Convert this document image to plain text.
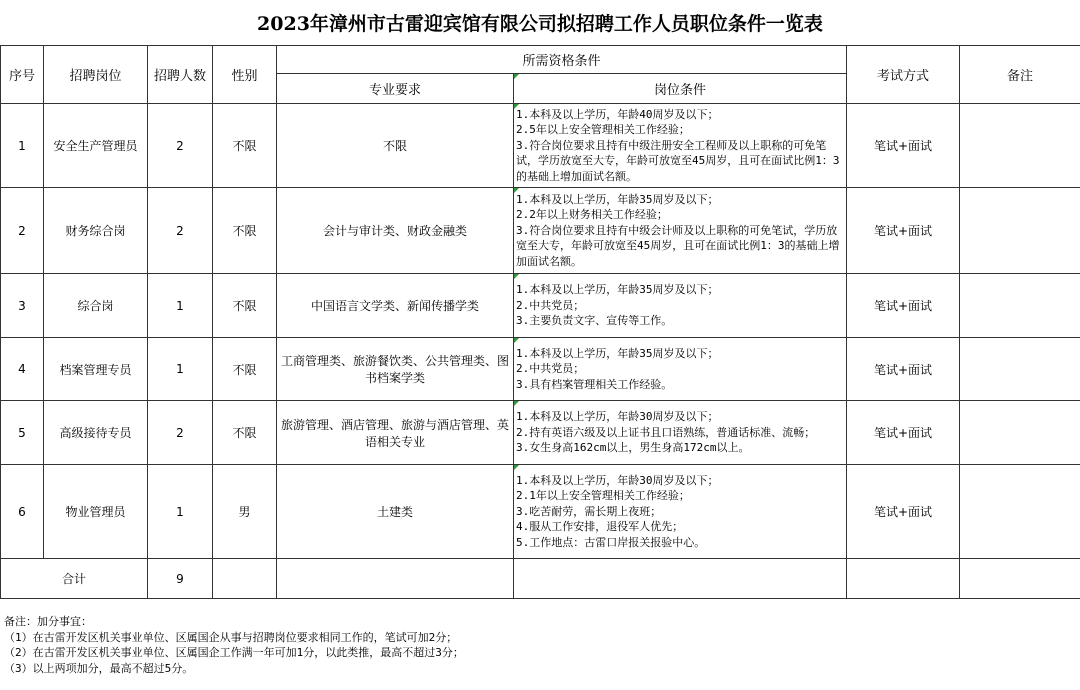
2023年漳州市古雷迎宾馆有限公司拟招聘工作人员职位条件一览表
序号	招聘岗位	招聘人数	性别	所需资格条件		考试方式	备注
				专业要求	岗位条件		
1	安全生产管理员	2	不限	不限	1.本科及以上学历，年龄40周岁及以下；
2.5年以上安全管理相关工作经验；
3.符合岗位要求且持有中级注册安全工程师及以上职称的可免笔试，学历放宽至大专，年龄可放宽至45周岁，且可在面试比例1：3的基础上增加面试名额。	笔试+面试	
2	财务综合岗	2	不限	会计与审计类、财政金融类	1.本科及以上学历，年龄35周岁及以下；
2.2年以上财务相关工作经验；
3.符合岗位要求且持有中级会计师及以上职称的可免笔试，学历放宽至大专，年龄可放宽至45周岁，且可在面试比例1：3的基础上增加面试名额。	笔试+面试	
3	综合岗	1	不限	中国语言文学类、新闻传播学类	1.本科及以上学历，年龄35周岁及以下；
2.中共党员；
3.主要负责文字、宣传等工作。	笔试+面试	
4	档案管理专员	1	不限	工商管理类、旅游餐饮类、公共管理类、图书档案学类	1.本科及以上学历，年龄35周岁及以下；
2.中共党员；
3.具有档案管理相关工作经验。	笔试+面试	
5	高级接待专员	2	不限	旅游管理、酒店管理、旅游与酒店管理、英语相关专业	1.本科及以上学历，年龄30周岁及以下；
2.持有英语六级及以上证书且口语熟练，普通话标准、流畅；
3.女生身高162cm以上，男生身高172cm以上。	笔试+面试	
6	物业管理员	1	男	土建类	1.本科及以上学历，年龄30周岁及以下；
2.1年以上安全管理相关工作经验；
3.吃苦耐劳，需长期上夜班；
4.服从工作安排，退役军人优先；
5.工作地点：古雷口岸报关报验中心。	笔试+面试	
合计		9					
备注：加分事宜：
（1）在古雷开发区机关事业单位、区属国企从事与招聘岗位要求相同工作的，笔试可加2分；
（2）在古雷开发区机关事业单位、区属国企工作满一年可加1分，以此类推，最高不超过3分；
（3）以上两项加分，最高不超过5分。
